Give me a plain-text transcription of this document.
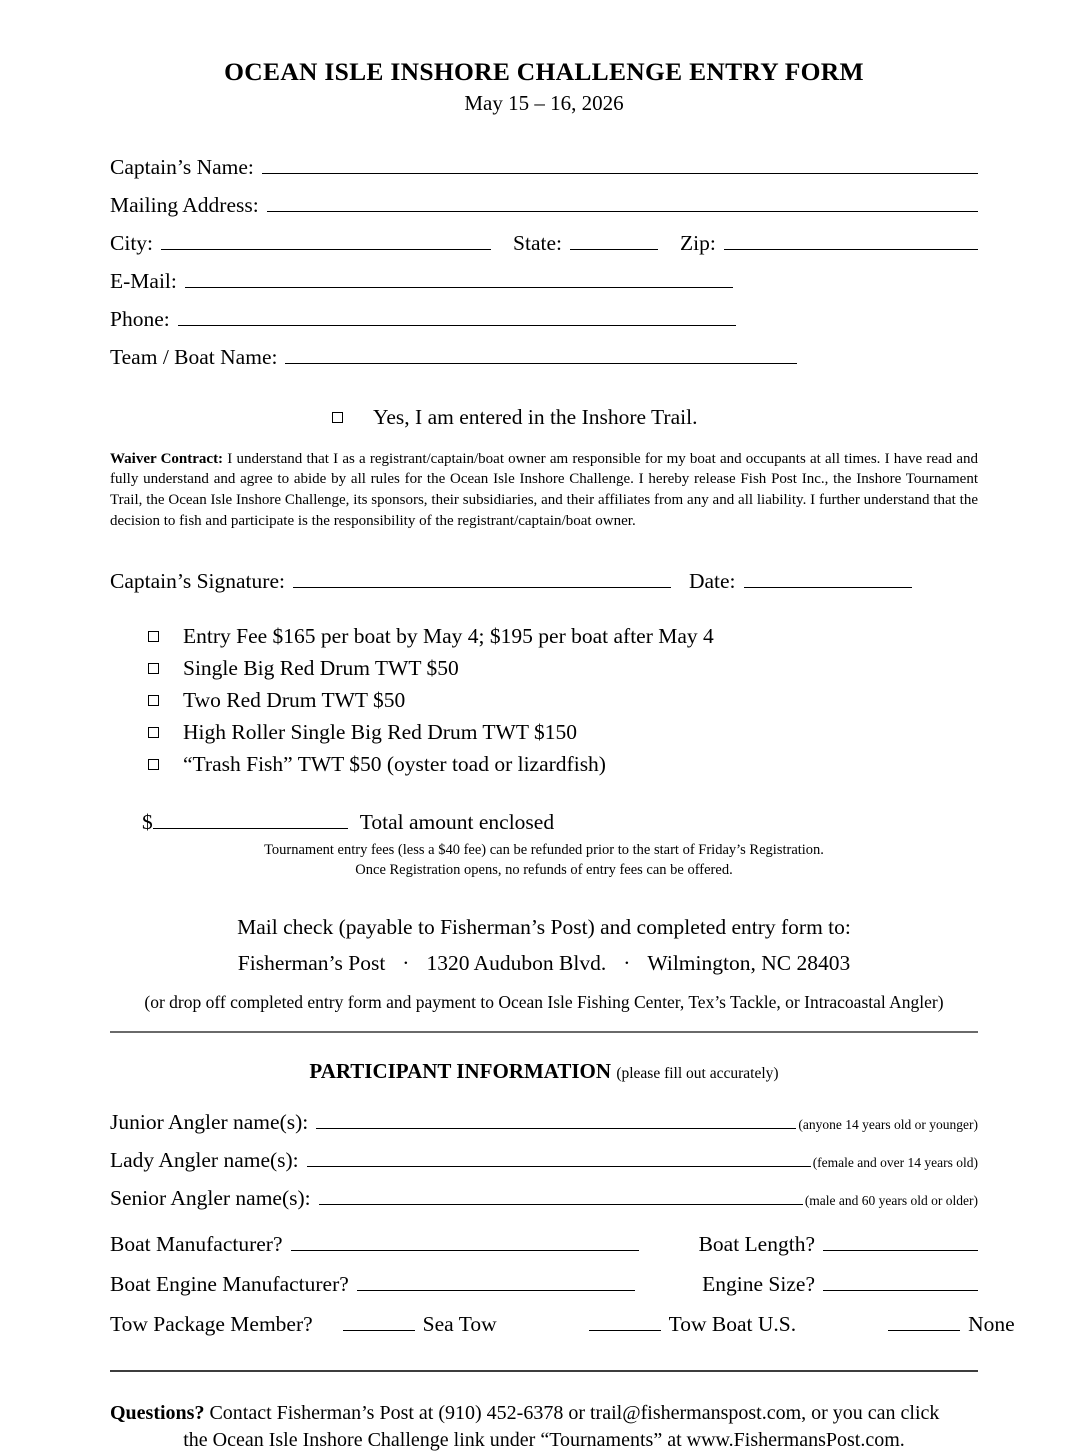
OCEAN ISLE INSHORE CHALLENGE ENTRY FORM
May 15 – 16, 2026
Captain’s Name:
Mailing Address:
City:	State:	Zip:
E-Mail:
Phone:
Team / Boat Name:
Yes, I am entered in the Inshore Trail.
Waiver Contract: I understand that I as a registrant/captain/boat owner am responsible for my boat and occupants at all times. I have read and fully understand and agree to abide by all rules for the Ocean Isle Inshore Challenge. I hereby release Fish Post Inc., the Inshore Tournament Trail, the Ocean Isle Inshore Challenge, its sponsors, their subsidiaries, and their affiliates from any and all liability. I further understand that the decision to fish and participate is the responsibility of the registrant/captain/boat owner.
Captain’s Signature:	Date:
Entry Fee $165 per boat by May 4; $195 per boat after May 4
Single Big Red Drum TWT $50
Two Red Drum TWT $50
High Roller Single Big Red Drum TWT $150
“Trash Fish” TWT $50 (oyster toad or lizardfish)
$	Total amount enclosed
Tournament entry fees (less a $40 fee) can be refunded prior to the start of Friday’s Registration.
Once Registration opens, no refunds of entry fees can be offered.
Mail check (payable to Fisherman’s Post) and completed entry form to:
Fisherman’s Post · 1320 Audubon Blvd. · Wilmington, NC 28403
(or drop off completed entry form and payment to Ocean Isle Fishing Center, Tex’s Tackle, or Intracoastal Angler)
PARTICIPANT INFORMATION (please fill out accurately)
Junior Angler name(s):	(anyone 14 years old or younger)
Lady Angler name(s):	(female and over 14 years old)
Senior Angler name(s):	(male and 60 years old or older)
Boat Manufacturer?	Boat Length?
Boat Engine Manufacturer?	Engine Size?
Tow Package Member?	Sea Tow	Tow Boat U.S.	None
Questions? Contact Fisherman’s Post at (910) 452-6378 or trail@fishermanspost.com, or you can click
the Ocean Isle Inshore Challenge link under “Tournaments” at www.FishermansPost.com.
